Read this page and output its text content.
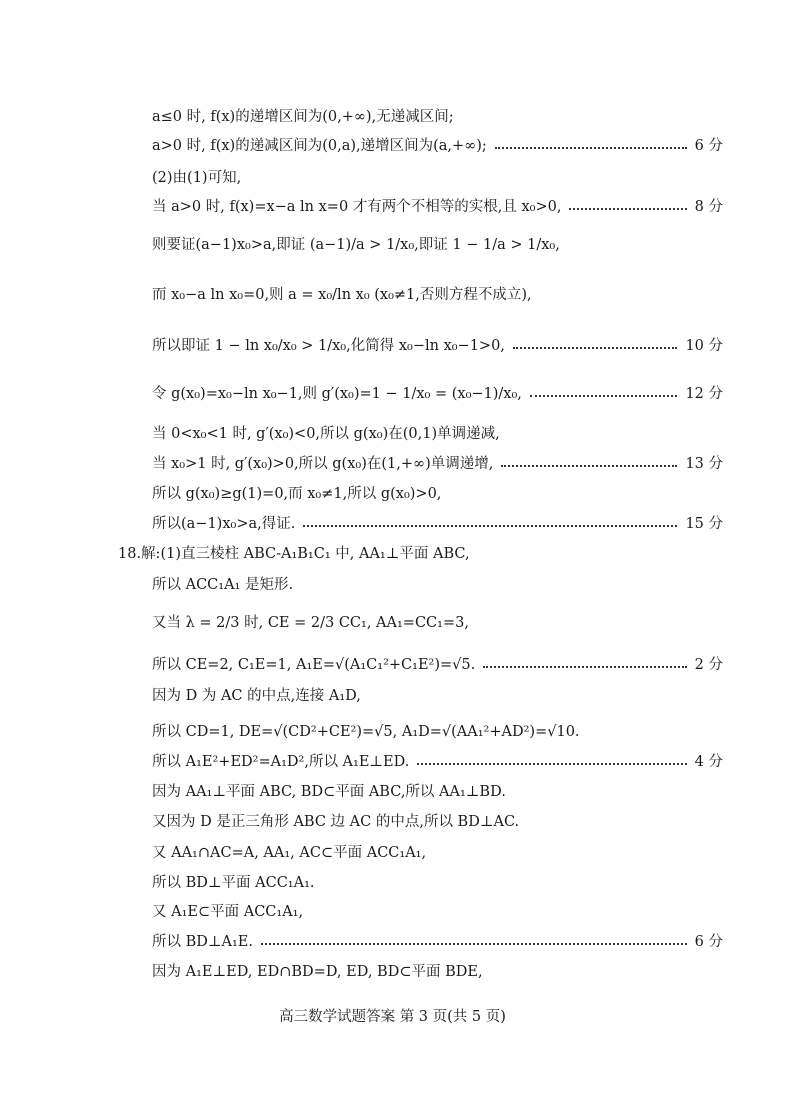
a≤0 时, f(x)的递增区间为(0,+∞),无递减区间;
a>0 时, f(x)的递减区间为(0,a),递增区间为(a,+∞);	6 分
(2)由(1)可知,
当 a>0 时, f(x)=x−a ln x=0 才有两个不相等的实根,且 x₀>0,	8 分
则要证(a−1)x₀>a,即证 (a−1)/a > 1/x₀,即证 1 − 1/a > 1/x₀,
而 x₀−a ln x₀=0,则 a = x₀/ln x₀ (x₀≠1,否则方程不成立),
所以即证 1 − ln x₀/x₀ > 1/x₀,化简得 x₀−ln x₀−1>0,	10 分
令 g(x₀)=x₀−ln x₀−1,则 g′(x₀)=1 − 1/x₀ = (x₀−1)/x₀,	12 分
当 0<x₀<1 时, g′(x₀)<0,所以 g(x₀)在(0,1)单调递减,
当 x₀>1 时, g′(x₀)>0,所以 g(x₀)在(1,+∞)单调递增,	13 分
所以 g(x₀)≥g(1)=0,而 x₀≠1,所以 g(x₀)>0,
所以(a−1)x₀>a,得证.	15 分
18.解:(1)直三棱柱 ABC-A₁B₁C₁ 中, AA₁⊥平面 ABC,
所以 ACC₁A₁ 是矩形.
又当 λ = 2/3 时, CE = 2/3 CC₁, AA₁=CC₁=3,
所以 CE=2, C₁E=1, A₁E=√(A₁C₁²+C₁E²)=√5.	2 分
因为 D 为 AC 的中点,连接 A₁D,
所以 CD=1, DE=√(CD²+CE²)=√5, A₁D=√(AA₁²+AD²)=√10.
所以 A₁E²+ED²=A₁D²,所以 A₁E⊥ED.	4 分
因为 AA₁⊥平面 ABC, BD⊂平面 ABC,所以 AA₁⊥BD.
又因为 D 是正三角形 ABC 边 AC 的中点,所以 BD⊥AC.
又 AA₁∩AC=A, AA₁, AC⊂平面 ACC₁A₁,
所以 BD⊥平面 ACC₁A₁.
又 A₁E⊂平面 ACC₁A₁,
所以 BD⊥A₁E.	6 分
因为 A₁E⊥ED, ED∩BD=D, ED, BD⊂平面 BDE,
高三数学试题答案 第 3 页(共 5 页)
